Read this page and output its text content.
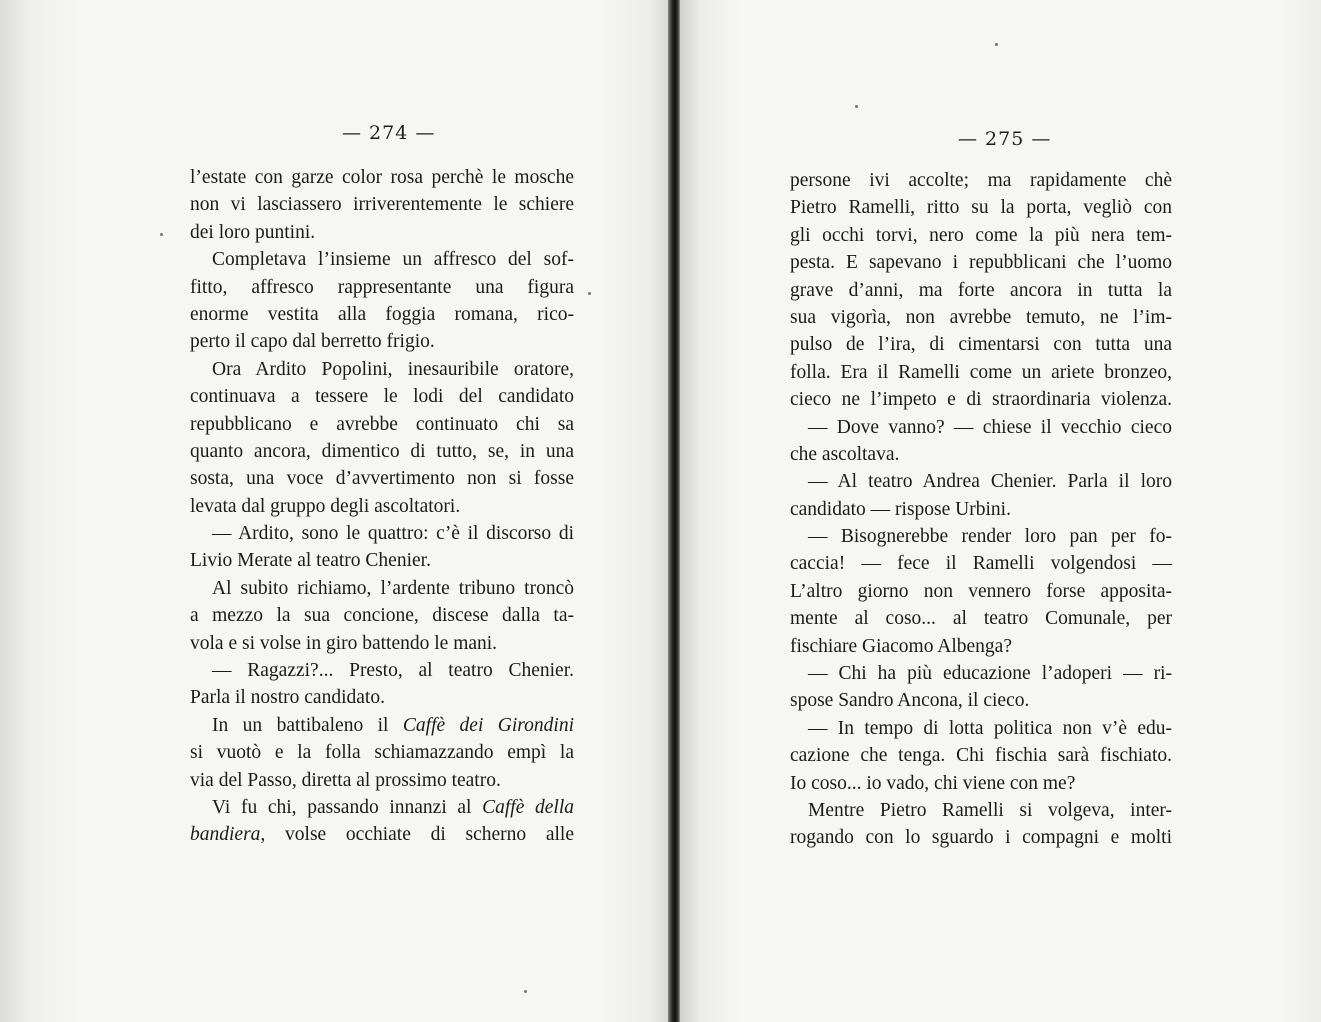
— 274 —
l’estate con garze color rosa perchè le mosche
non vi lasciassero irriverentemente le schiere
dei loro puntini.
Completava l’insieme un affresco del sof-
fitto, affresco rappresentante una figura
enorme vestita alla foggia romana, rico-
perto il capo dal berretto frigio.
Ora Ardito Popolini, inesauribile oratore,
continuava a tessere le lodi del candidato
repubblicano e avrebbe continuato chi sa
quanto ancora, dimentico di tutto, se, in una
sosta, una voce d’avvertimento non si fosse
levata dal gruppo degli ascoltatori.
— Ardito, sono le quattro: c’è il discorso di
Livio Merate al teatro Chenier.
Al subito richiamo, l’ardente tribuno troncò
a mezzo la sua concione, discese dalla ta-
vola e si volse in giro battendo le mani.
— Ragazzi?... Presto, al teatro Chenier.
Parla il nostro candidato.
In un battibaleno il Caffè dei Girondini
si vuotò e la folla schiamazzando empì la
via del Passo, diretta al prossimo teatro.
Vi fu chi, passando innanzi al Caffè della
bandiera, volse occhiate di scherno alle
— 275 —
persone ivi accolte; ma rapidamente chè
Pietro Ramelli, ritto su la porta, vegliò con
gli occhi torvi, nero come la più nera tem-
pesta. E sapevano i repubblicani che l’uomo
grave d’anni, ma forte ancora in tutta la
sua vigorìa, non avrebbe temuto, ne l’im-
pulso de l’ira, di cimentarsi con tutta una
folla. Era il Ramelli come un ariete bronzeo,
cieco ne l’impeto e di straordinaria violenza.
— Dove vanno? — chiese il vecchio cieco
che ascoltava.
— Al teatro Andrea Chenier. Parla il loro
candidato — rispose Urbini.
— Bisognerebbe render loro pan per fo-
caccia! — fece il Ramelli volgendosi —
L’altro giorno non vennero forse apposita-
mente al coso... al teatro Comunale, per
fischiare Giacomo Albenga?
— Chi ha più educazione l’adoperi — ri-
spose Sandro Ancona, il cieco.
— In tempo di lotta politica non v’è edu-
cazione che tenga. Chi fischia sarà fischiato.
Io coso... io vado, chi viene con me?
Mentre Pietro Ramelli si volgeva, inter-
rogando con lo sguardo i compagni e molti
